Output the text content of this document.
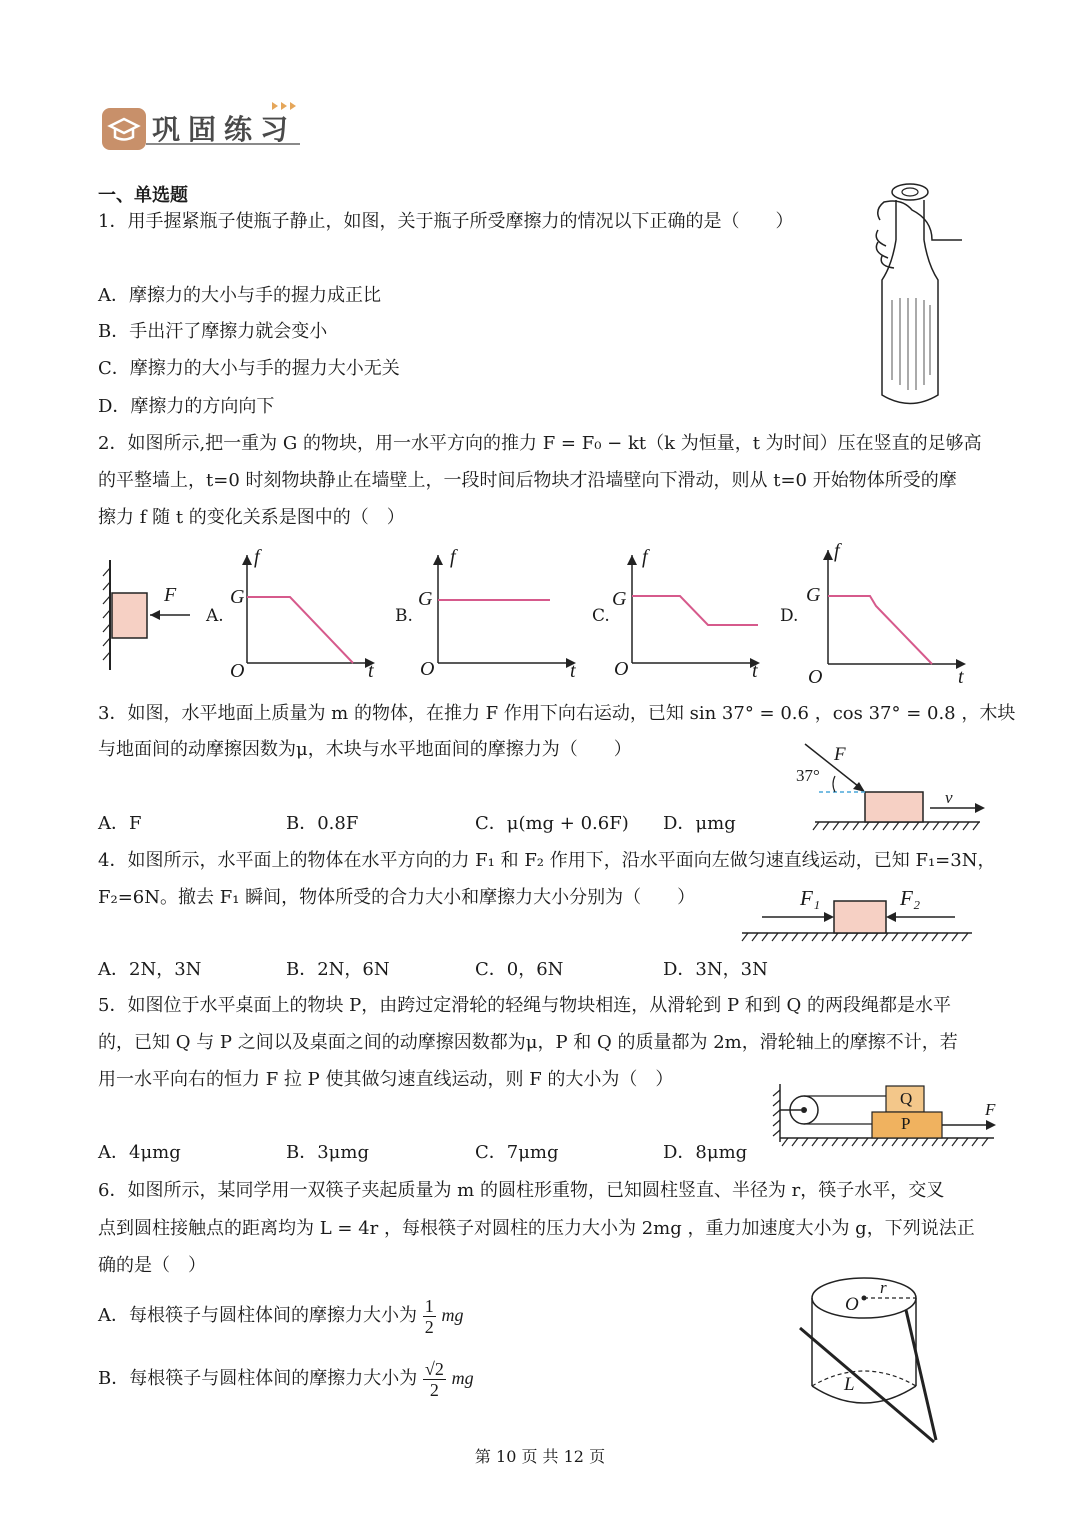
巩固练习
一、单选题
1．用手握紧瓶子使瓶子静止，如图，关于瓶子所受摩擦力的情况以下正确的是（　　）
A．摩擦力的大小与手的握力成正比
B．手出汗了摩擦力就会变小
C．摩擦力的大小与手的握力大小无关
D．摩擦力的方向向下
2．如图所示,把一重为 G 的物块，用一水平方向的推力 F = F₀ − kt（k 为恒量，t 为时间）压在竖直的足够高
的平整墙上，t=0 时刻物块静止在墙壁上，一段时间后物块才沿墙壁向下滑动，则从 t=0 开始物体所受的摩
擦力 f 随 t 的变化关系是图中的（　）
F
A.
f
G
O	t
B.
f
G
O	t
C.
f
G
O	t
D.
f
G
O	t
3．如图，水平地面上质量为 m 的物体，在推力 F 作用下向右运动，已知 sin 37° = 0.6 ，cos 37° = 0.8 ，木块
与地面间的动摩擦因数为μ，木块与水平地面间的摩擦力为（　　）
A．F	B．0.8F	C．μ(mg + 0.6F) D．μmg
F
37°
v
4．如图所示，水平面上的物体在水平方向的力 F₁ 和 F₂ 作用下，沿水平面向左做匀速直线运动，已知 F₁=3N，
F₂=6N。撤去 F₁ 瞬间，物体所受的合力大小和摩擦力大小分别为（　　）
A．2N，3N	B．2N，6N	C．0，6N	D．3N，3N
F₁	F₂
5．如图位于水平桌面上的物块 P，由跨过定滑轮的轻绳与物块相连，从滑轮到 P 和到 Q 的两段绳都是水平
的，已知 Q 与 P 之间以及桌面之间的动摩擦因数都为μ，P 和 Q 的质量都为 2m，滑轮轴上的摩擦不计，若
用一水平向右的恒力 F 拉 P 使其做匀速直线运动，则 F 的大小为（　）
A．4μmg	B．3μmg	C．7μmg	D．8μmg
Q
P
F
6．如图所示，某同学用一双筷子夹起质量为 m 的圆柱形重物，已知圆柱竖直、半径为 r，筷子水平，交叉
点到圆柱接触点的距离均为 L = 4r ，每根筷子对圆柱的压力大小为 2mg ，重力加速度大小为 g，下列说法正
确的是（　）
A．每根筷子与圆柱体间的摩擦力大小为 $\frac{1}{2}$ mg
B．每根筷子与圆柱体间的摩擦力大小为 $\frac{√2}{2}$ mg
O
r
L
第 10 页 共 12 页
